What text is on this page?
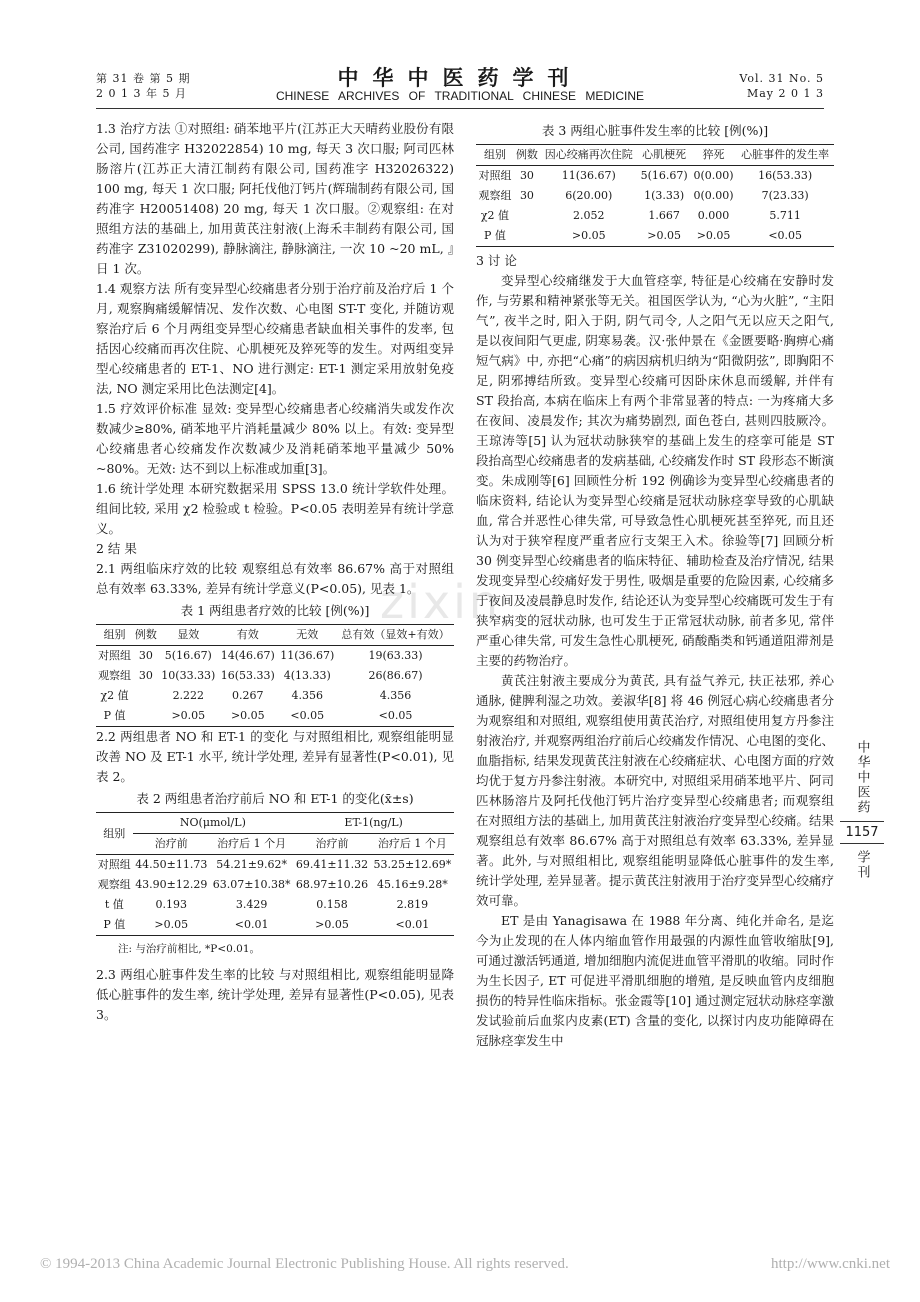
第 31 卷 第 5 期
2 0 1 3 年 5 月
中华中医药学刊
CHINESE ARCHIVES OF TRADITIONAL CHINESE MEDICINE
Vol. 31 No. 5
May 2 0 1 3
zixin

1.3 治疗方法 ①对照组: 硝苯地平片(江苏正大天晴药业股份有限公司, 国药准字 H32022854) 10 mg, 每天 3 次口服; 阿司匹林肠溶片(江苏正大清江制药有限公司, 国药准字 H32026322) 100 mg, 每天 1 次口服; 阿托伐他汀钙片(辉瑞制药有限公司, 国药准字 H20051408) 20 mg, 每天 1 次口服。②观察组: 在对照组方法的基础上, 加用黄芪注射液(上海禾丰制药有限公司, 国药准字 Z31020299), 静脉滴注, 静脉滴注, 一次 10 ~20 mL, 』日 1 次。

1.4 观察方法 所有变异型心绞痛患者分别于治疗前及治疗后 1 个月, 观察胸痛缓解情况、发作次数、心电图 ST-T 变化, 并随访观察治疗后 6 个月两组变异型心绞痛患者缺血相关事件的发率, 包括因心绞痛而再次住院、心肌梗死及猝死等的发生。对两组变异型心绞痛患者的 ET-1、NO 进行测定: ET-1 测定采用放射免疫法, NO 测定采用比色法测定[4]。

1.5 疗效评价标准 显效: 变异型心绞痛患者心绞痛消失或发作次数减少≥80%, 硝苯地平片消耗量减少 80% 以上。有效: 变异型心绞痛患者心绞痛发作次数减少及消耗硝苯地平量减少 50% ~80%。无效: 达不到以上标准或加重[3]。

1.6 统计学处理 本研究数据采用 SPSS 13.0 统计学软件处理。组间比较, 采用 χ2 检验或 t 检验。P<0.05 表明差异有统计学意义。

2 结 果

2.1 两组临床疗效的比较 观察组总有效率 86.67% 高于对照组总有效率 63.33%, 差异有统计学意义(P<0.05), 见表 1。

表 1 两组患者疗效的比较 [例(%)]
组别	例数	显效	有效	无效	总有效（显效+有效）
对照组	30	5(16.67)	14(46.67)	11(36.67)	19(63.33)
观察组	30	10(33.33)	16(53.33)	4(13.33)	26(86.67)
χ2 值		2.222	0.267	4.356	4.356
P 值		>0.05	>0.05	<0.05	<0.05

2.2 两组患者 NO 和 ET-1 的变化 与对照组相比, 观察组能明显改善 NO 及 ET-1 水平, 统计学处理, 差异有显著性(P<0.01), 见表 2。

表 2 两组患者治疗前后 NO 和 ET-1 的变化(x̄±s)
组别	NO(μmol/L)		ET-1(ng/L)	
	治疗前	治疗后 1 个月	治疗前	治疗后 1 个月
对照组	44.50±11.73	54.21±9.62*	69.41±11.32	53.25±12.69*
观察组	43.90±12.29	63.07±10.38*	68.97±10.26	45.16±9.28*
t 值	0.193	3.429	0.158	2.819
P 值	>0.05	<0.01	>0.05	<0.01
注: 与治疗前相比, *P<0.01。

2.3 两组心脏事件发生率的比较 与对照组相比, 观察组能明显降低心脏事件的发生率, 统计学处理, 差异有显著性(P<0.05), 见表 3。

表 3 两组心脏事件发生率的比较 [例(%)]
组别	例数	因心绞痛再次住院	心肌梗死	猝死	心脏事件的发生率
对照组	30	11(36.67)	5(16.67)	0(0.00)	16(53.33)
观察组	30	6(20.00)	1(3.33)	0(0.00)	7(23.33)
χ2 值		2.052	1.667	0.000	5.711
P 值		>0.05	>0.05	>0.05	<0.05

3 讨 论

变异型心绞痛继发于大血管痉挛, 特征是心绞痛在安静时发作, 与劳累和精神紧张等无关。祖国医学认为, “心为火脏”, “主阳气”, 夜半之时, 阳入于阴, 阴气司令, 人之阳气无以应天之阳气, 是以夜间阳气更虚, 阴寒易袭。汉·张仲景在《金匮要略·胸痹心痛短气病》中, 亦把“心痛”的病因病机归纳为“阳微阴弦”, 即胸阳不足, 阴邪搏结所致。变异型心绞痛可因卧床休息而缓解, 并伴有 ST 段抬高, 本病在临床上有两个非常显著的特点: 一为疼痛大多在夜间、凌晨发作; 其次为痛势剧烈, 面色苍白, 甚则四肢厥冷。王琼涛等[5] 认为冠状动脉狭窄的基础上发生的痉挛可能是 ST 段抬高型心绞痛患者的发病基础, 心绞痛发作时 ST 段形态不断演变。朱成刚等[6] 回顾性分析 192 例确诊为变异型心绞痛患者的临床资料, 结论认为变异型心绞痛是冠状动脉痉挛导致的心肌缺血, 常合并恶性心律失常, 可导致急性心肌梗死甚至猝死, 而且还认为对于狭窄程度严重者应行支架王入术。徐验等[7] 回顾分析 30 例变异型心绞痛患者的临床特征、辅助检查及治疗情况, 结果发现变异型心绞痛好发于男性, 吸烟是重要的危险因素, 心绞痛多于夜间及凌晨静息时发作, 结论还认为变异型心绞痛既可发生于有狭窄病变的冠状动脉, 也可发生于正常冠状动脉, 前者多见, 常伴严重心律失常, 可发生急性心肌梗死, 硝酸酯类和钙通道阻滞剂是主要的药物治疗。

黄芪注射液主要成分为黄芪, 具有益气养元, 扶正祛邪, 养心通脉, 健脾利湿之功效。姜淑华[8] 将 46 例冠心病心绞痛患者分为观察组和对照组, 观察组使用黄芪治疗, 对照组使用复方丹参注射液治疗, 并观察两组治疗前后心绞痛发作情况、心电图的变化、血脂指标, 结果发现黄芪注射液在心绞痛症状、心电图方面的疗效均优于复方丹参注射液。本研究中, 对照组采用硝苯地平片、阿司匹林肠溶片及阿托伐他汀钙片治疗变异型心绞痛患者; 而观察组在对照组方法的基础上, 加用黄芪注射液治疗变异型心绞痛。结果观察组总有效率 86.67% 高于对照组总有效率 63.33%, 差异显著。此外, 与对照组相比, 观察组能明显降低心脏事件的发生率, 统计学处理, 差异显著。提示黄芪注射液用于治疗变异型心绞痛疗效可靠。

ET 是由 Yanagisawa 在 1988 年分离、纯化并命名, 是迄今为止发现的在人体内缩血管作用最强的内源性血管收缩肽[9], 可通过激活钙通道, 增加细胞内流促进血管平滑肌的收缩。同时作为生长因子, ET 可促进平滑肌细胞的增殖, 是反映血管内皮细胞损伤的特异性临床指标。张金霞等[10] 通过测定冠状动脉痉挛激发试验前后血浆内皮素(ET) 含量的变化, 以探讨内皮功能障碍在冠脉痉挛发生中

中华中医药
1157
学刊
© 1994-2013 China Academic Journal Electronic Publishing House. All rights reserved.	http://www.cnki.net
